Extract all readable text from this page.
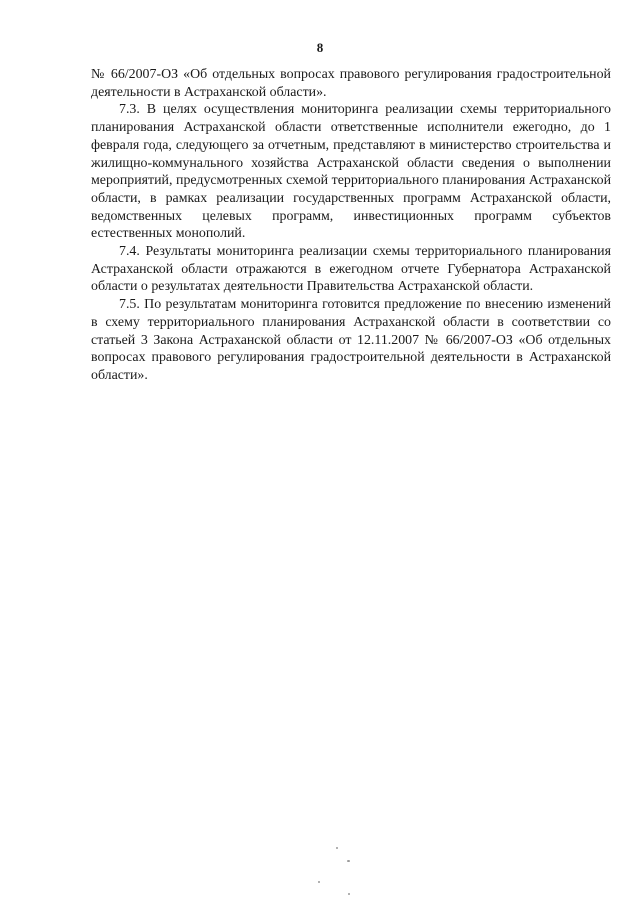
8

№ 66/2007-ОЗ «Об отдельных вопросах правового регулирования градостроительной деятельности в Астраханской области».

7.3. В целях осуществления мониторинга реализации схемы территориального планирования Астраханской области ответственные исполнители ежегодно, до 1 февраля года, следующего за отчетным, представляют в министерство строительства и жилищно-коммунального хозяйства Астраханской области сведения о выполнении мероприятий, предусмотренных схемой территориального планирования Астраханской области, в рамках реализации государственных программ Астраханской области, ведомственных целевых программ, инвестиционных программ субъектов естественных монополий.

7.4. Результаты мониторинга реализации схемы территориального планирования Астраханской области отражаются в ежегодном отчете Губернатора Астраханской области о результатах деятельности Правительства Астраханской области.

7.5. По результатам мониторинга готовится предложение по внесению изменений в схему территориального планирования Астраханской области в соответствии со статьей 3 Закона Астраханской области от 12.11.2007 № 66/2007-ОЗ «Об отдельных вопросах правового регулирования градостроительной деятельности в Астраханской области».
